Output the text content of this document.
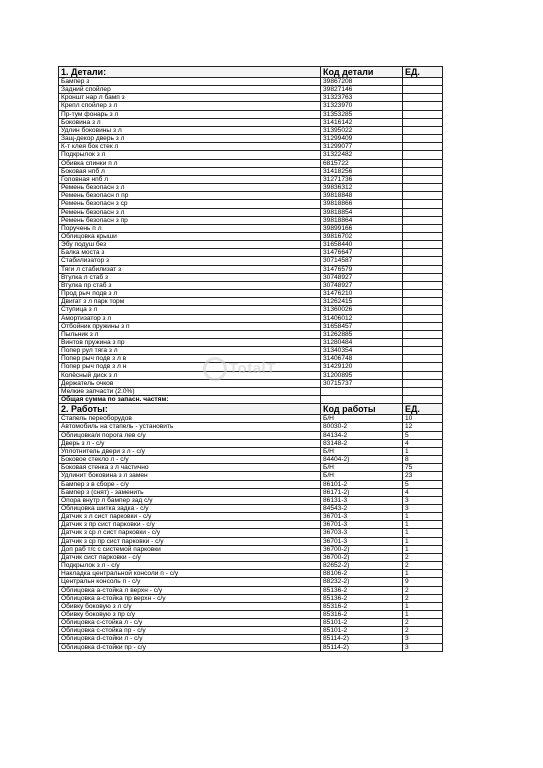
1. Детали:	Код детали	ЕД.
Бампер з	39867208	
Задний спойлер	39827146	
Кроншт нар л бамп з	31323763	
Крепл спойлер з л	31323970	
Пр-тум фонарь з л	31353285	
Боковина з л	31416142	
Удлин боковины з л	31395022	
Защ-декор дверь з л	31299409	
К-т клея бок стек л	31299077	
Подкрылок з л	31322482	
Обивка спинки п л	6815722	
Боковая нпб л	31418256	
Головная нпб л	31271736	
Ремень безопасн з л	39836312	
Ремень безопасн п пр	39818848	
Ремень безопасн з ср	39818866	
Ремень безопасн з л	39818854	
Ремень безопасн з пр	39818864	
Поручень п л	39899166	
Облицовка крыши	39816702	
Эбу подуш без	31658440	
Балка моста з	31476647	
Стабилизатор з	30714587	
Тяги л стабилизат з	31476579	
Втулка л стаб з	30748927	
Втулка пр стаб з	30748927	
Прод рыч подв з л	31476210	
Двигат з л парк торм	31262415	
Ступица з л	31360026	
Амортизатор з л	31406012	
Отбойник пружины з п	31658457	
Пыльник з л	31262885	
Винтов пружина з пр	31280484	
Попер рул тяга з л	31340354	
Попер рыч подв з л в	31406748	
Попер рыч подв з л н	31429120	
Колёсный диск з л	31200895	
Держатель очков	30715737	
Мелкие запчасти (2.0%)		
Общая сумма по запасн. частям:		
2. Работы:	Код работы	ЕД.
Стапель переоборудов	Б/Н	10
Автомобиль на стапель - установить	80030-2	12
Облицовка/и порога лев с/у	84134-2	5
Дверь з л - с/у	83148-2	4
Уплотнитель двери з л - с/у	Б/Н	1
Боковое стекло л - с/у	84404-2)	8
Боковая стенка з л частично	Б/Н	75
Удлинит боковина з л замен	Б/Н	23
Бампер з в сборе - с/у	86101-2	5
Бампер з (снят) - заменить	86171-2)	4
Опора внутр л бампер зад с/у	86131-3	3
Облицовка шитка задка - с/у	84543-2	3
Датчик з л сист парковки - с/у	36701-3	1
Датчик з пр сист парковки - с/у	36701-3	1
Датчик з ср л сист парковки - с/у	36703-3	1
Датчик з ср пр сист парковки - с/у	36701-3	1
Доп раб т/с с системой парковки	36700-2)	1
Датчик сист парковки - с/у	36700-2)	2
Подкрылок з л - с/у	82652-2)	2
Накладка центральной консоли п - с/у	88106-2	1
Центральн консоль п - с/у	88232-2)	9
Облицовка а-стойка л верхн - с/у	85136-2	2
Облицовка а-стойка пр верхн - с/у	85136-2	2
Обивку боковую з л с/у	85316-2	1
Обивку боковую з пр с/у	85316-2	1
Облицовка с-стойка л - с/у	85101-2	2
Облицовка с-стойка пр - с/у	85101-2	2
Облицовка d-стойки л - с/у	85114-2)	3
Облицовка d-стойки пр - с/у	85114-2)	3
TotalT
